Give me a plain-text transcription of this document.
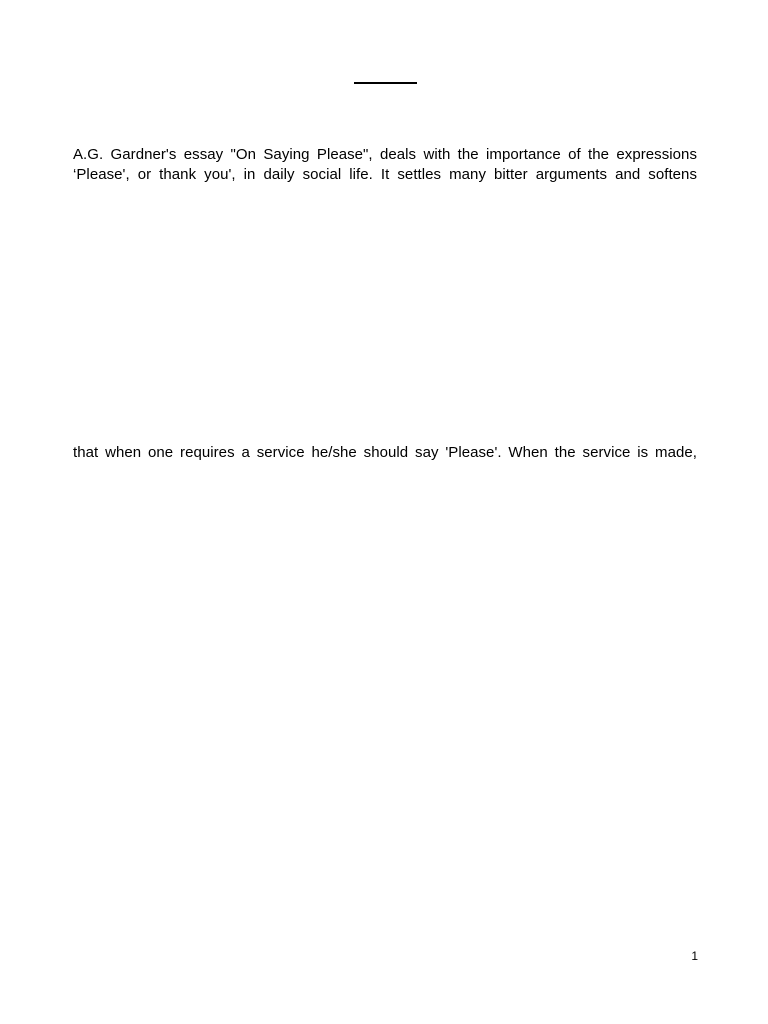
A.G. Gardner's essay "On Saying Please", deals with the importance of the expressions
‘Please', or thank you', in daily social life. It settles many bitter arguments and softens
that when one requires a service he/she should say 'Please'. When the service is made,
1
